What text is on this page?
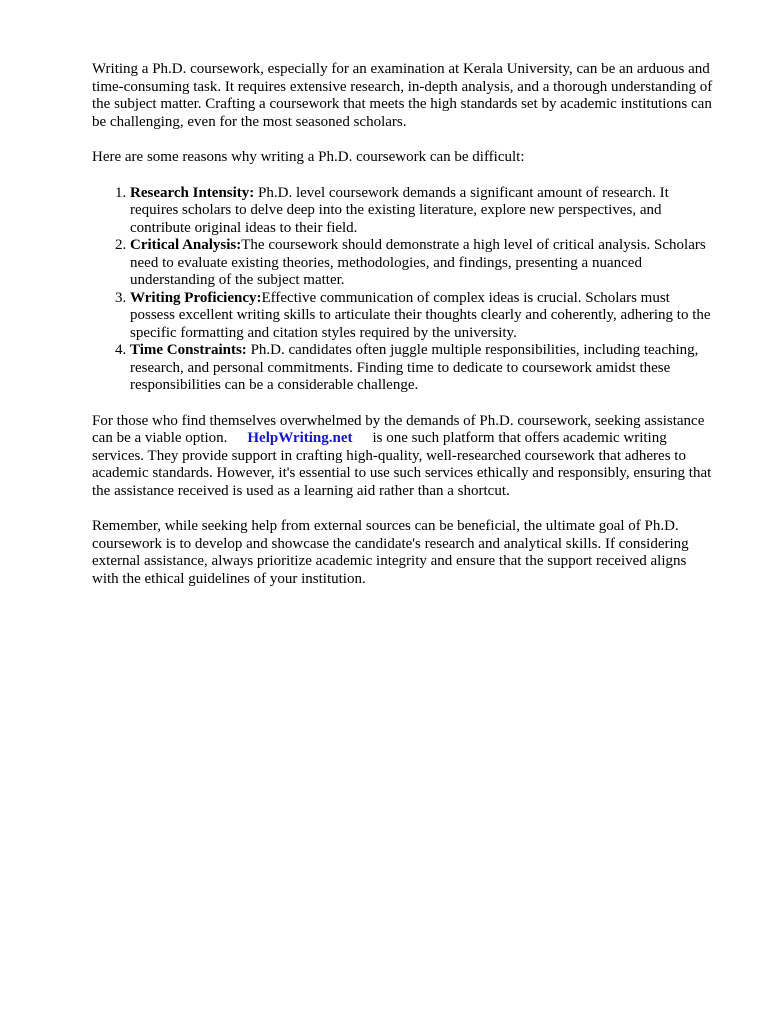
Writing a Ph.D. coursework, especially for an examination at Kerala University, can be an arduous and time-consuming task. It requires extensive research, in-depth analysis, and a thorough understanding of the subject matter. Crafting a coursework that meets the high standards set by academic institutions can be challenging, even for the most seasoned scholars.

Here are some reasons why writing a Ph.D. coursework can be difficult:

1. Research Intensity: Ph.D. level coursework demands a significant amount of research. It requires scholars to delve deep into the existing literature, explore new perspectives, and contribute original ideas to their field.
2. Critical Analysis:The coursework should demonstrate a high level of critical analysis. Scholars need to evaluate existing theories, methodologies, and findings, presenting a nuanced understanding of the subject matter.
3. Writing Proficiency:Effective communication of complex ideas is crucial. Scholars must possess excellent writing skills to articulate their thoughts clearly and coherently, adhering to the specific formatting and citation styles required by the university.
4. Time Constraints: Ph.D. candidates often juggle multiple responsibilities, including teaching, research, and personal commitments. Finding time to dedicate to coursework amidst these responsibilities can be a considerable challenge.

For those who find themselves overwhelmed by the demands of Ph.D. coursework, seeking assistance can be a viable option. HelpWriting.net is one such platform that offers academic writing services. They provide support in crafting high-quality, well-researched coursework that adheres to academic standards. However, it's essential to use such services ethically and responsibly, ensuring that the assistance received is used as a learning aid rather than a shortcut.

Remember, while seeking help from external sources can be beneficial, the ultimate goal of Ph.D. coursework is to develop and showcase the candidate's research and analytical skills. If considering external assistance, always prioritize academic integrity and ensure that the support received aligns with the ethical guidelines of your institution.
